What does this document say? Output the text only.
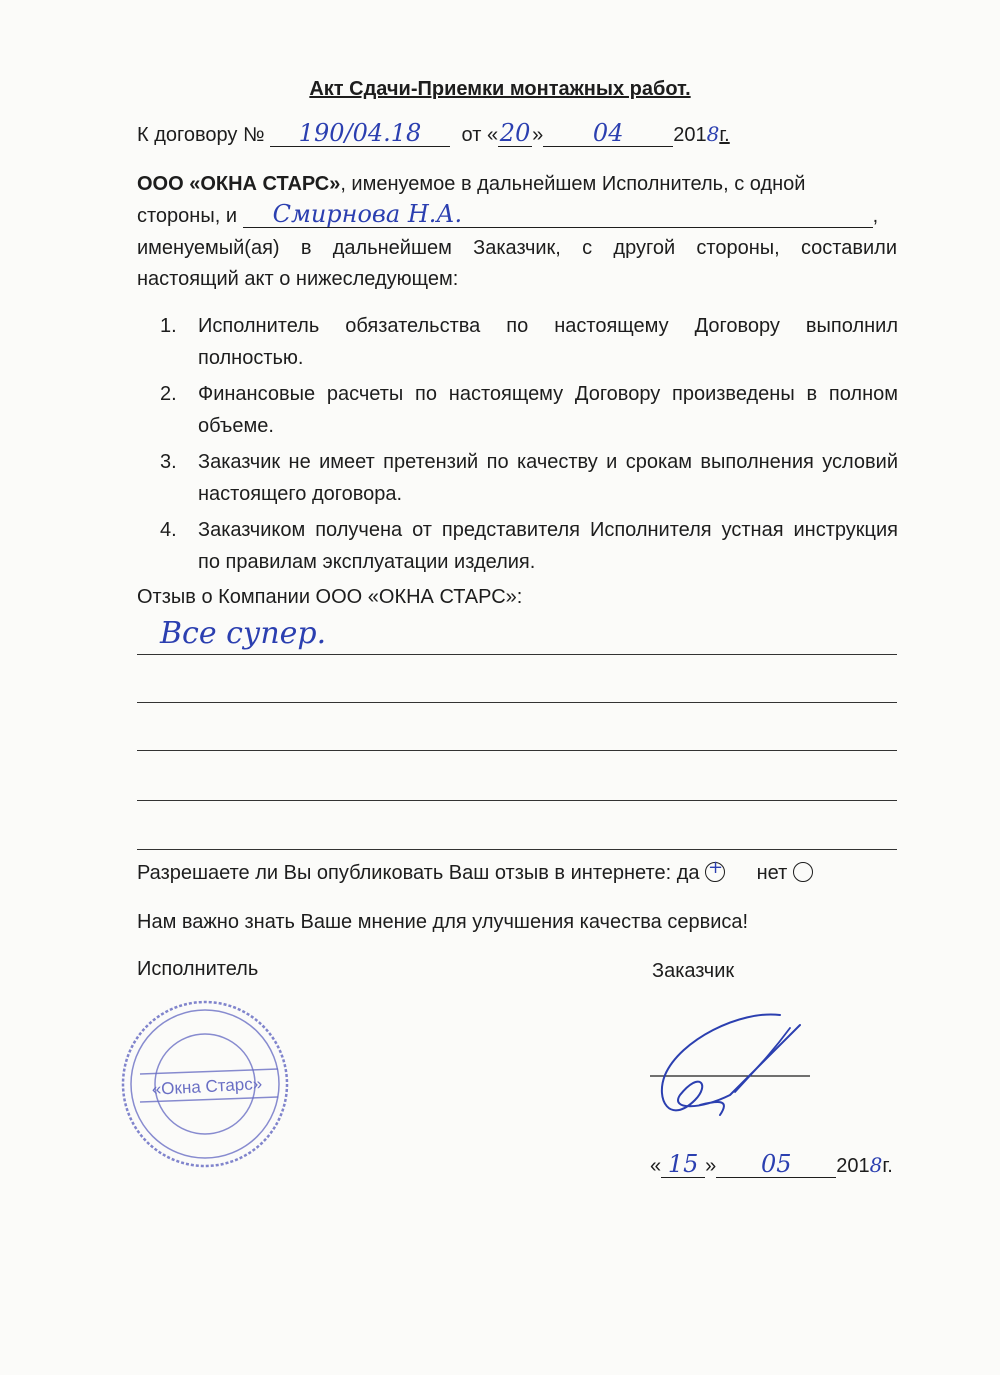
Акт Сдачи-Приемки монтажных работ.
К договору № 190/04.18 от «20» 04 2018г.
ООО «ОКНА СТАРС», именуемое в дальнейшем Исполнитель, с одной
стороны, и Смирнова Н.А.	,
именуемый(ая) в дальнейшем Заказчик, с другой стороны, составили
настоящий акт о нижеследующем:
1. Исполнитель обязательства по настоящему Договору выполнил
полностью.
2. Финансовые расчеты по настоящему Договору произведены в полном
объеме.
3. Заказчик не имеет претензий по качеству и срокам выполнения условий
настоящего договора.
4. Заказчиком получена от представителя Исполнителя устная инструкция
по правилам эксплуатации изделия.
Отзыв о Компании ООО «ОКНА СТАРС»:
Все супер.
Разрешаете ли Вы опубликовать Ваш отзыв в интернете: да + нет
Нам важно знать Ваше мнение для улучшения качества сервиса!
Исполнитель	Заказчик
«Окна Старс»
« 15 » 05 2018г.
